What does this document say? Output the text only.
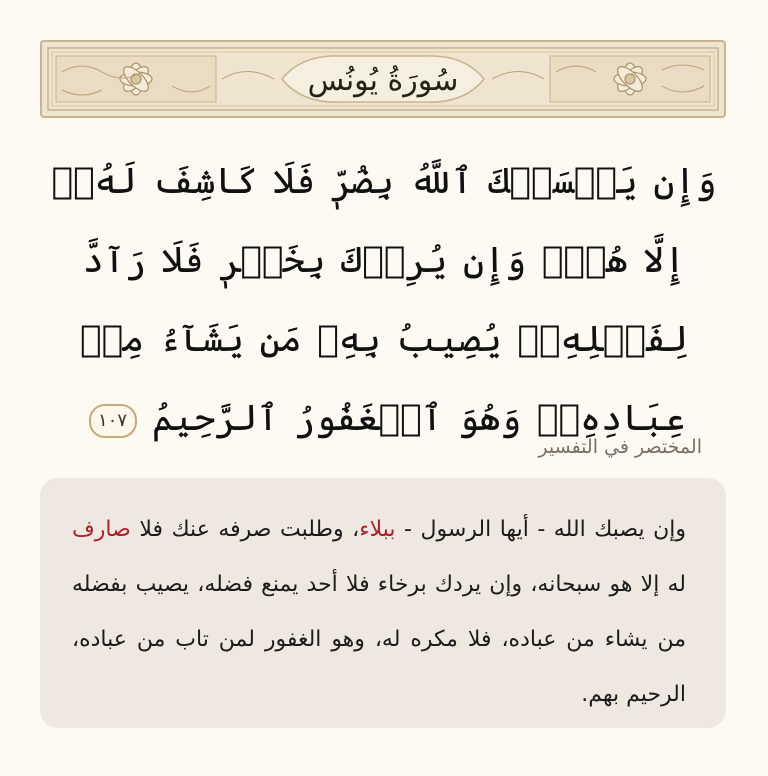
سُورَةُ يُونُس
وَإِن يَمۡسَسۡكَ ٱللَّهُ بِضُرّٖ فَلَا كَاشِفَ لَهُۥٓ إِلَّا هُوَۖ وَإِن يُرِدۡكَ بِخَيۡرٖ فَلَا رَآدَّ لِفَضۡلِهِۦۚ يُصِيبُ بِهِۦ مَن يَشَآءُ مِنۡ عِبَادِهِۦۚ وَهُوَ ٱلۡغَفُورُ ٱلرَّحِيمُ ١٠٧
المختصر في التفسير

وإن يصبك الله - أيها الرسول - ببلاء، وطلبت صرفه عنك فلا صارف له إلا هو سبحانه، وإن يردك برخاء فلا أحد يمنع فضله، يصيب بفضله من يشاء من عباده، فلا مكره له، وهو الغفور لمن تاب من عباده، الرحيم بهم.
